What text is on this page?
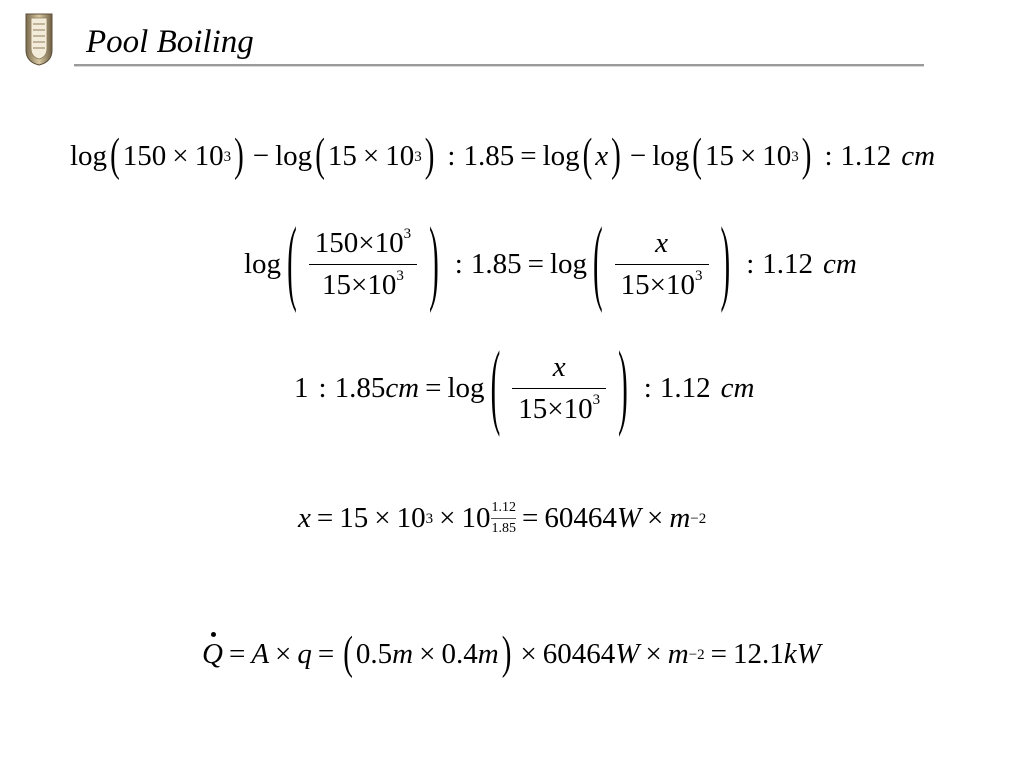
Pool Boiling
log ( 150 × 10 3 ) − log ( 15 × 10 3 ) : 1.85 = log ( x ) − log ( 15 × 10 3 ) : 1.12 cm
log ( $\frac{150\times 10^3}{15\times 10^3}$ ) : 1.85 = log ( $\frac{x}{15\times 10^3}$ ) : 1.12 cm
1 : 1.85 cm = log ( $\frac{x}{15\times 10^3}$ ) : 1.12 cm
x = 15 × 10 3 × 10 1.12
1.85 = 60464 W × m −2
Q = A × q = ( 0.5 m × 0.4 m ) × 60464 W × m −2 = 12.1 kW
